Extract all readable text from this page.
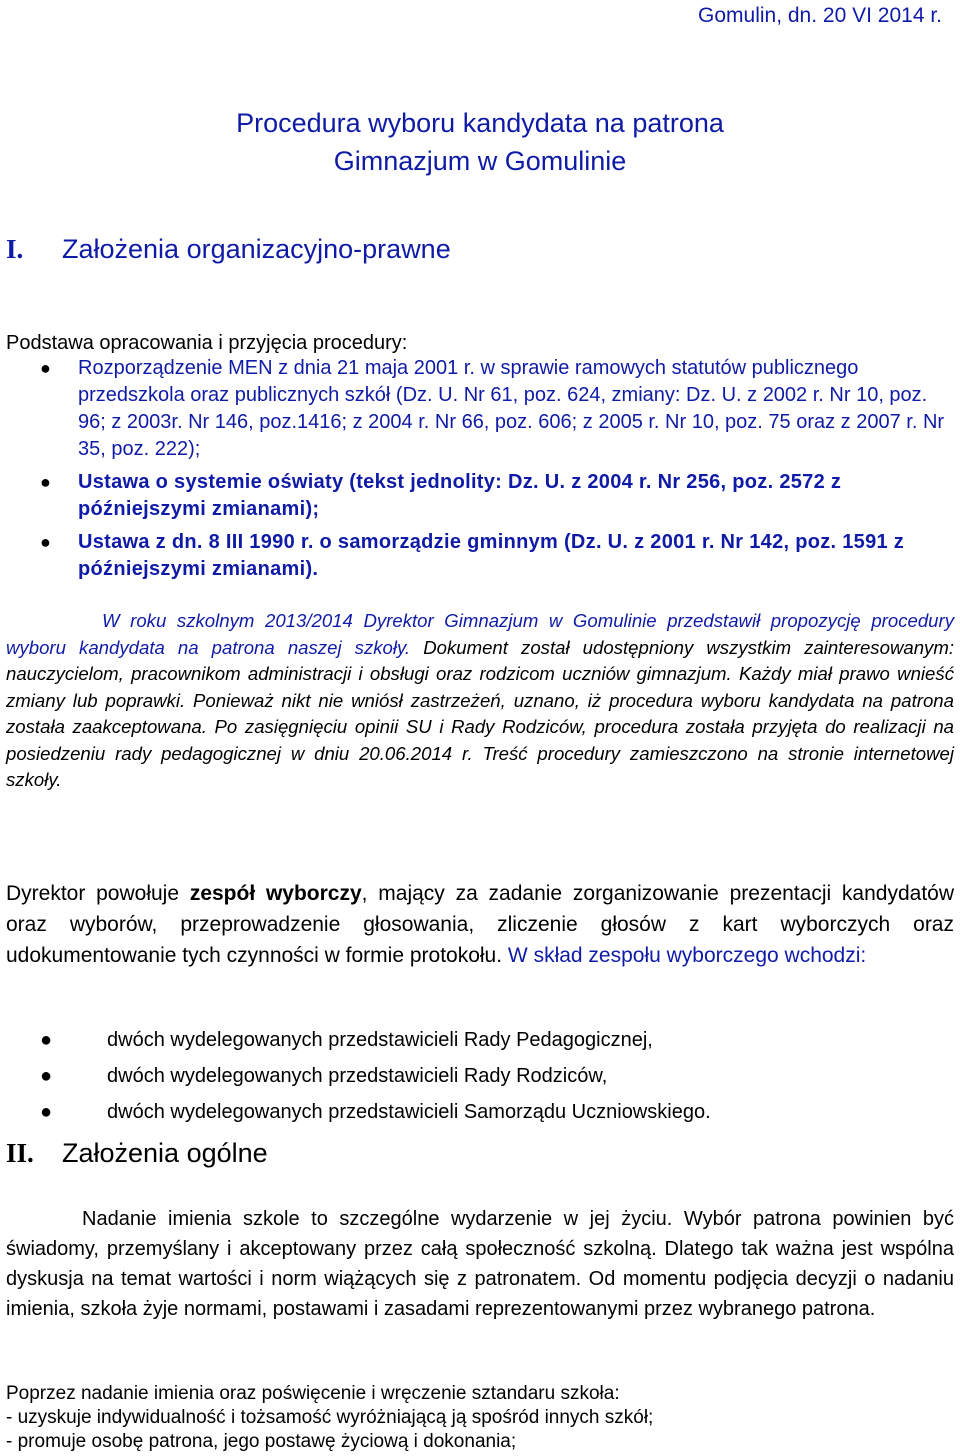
Gomulin, dn. 20 VI 2014 r.
Procedura wyboru kandydata na patrona
Gimnazjum w Gomulinie
I. Założenia organizacyjno-prawne
Podstawa opracowania i przyjęcia procedury:
● Rozporządzenie MEN z dnia 21 maja 2001 r. w sprawie ramowych statutów publicznego przedszkola oraz publicznych szkół (Dz. U. Nr 61, poz. 624, zmiany: Dz. U. z 2002 r. Nr 10, poz. 96; z 2003r. Nr 146, poz.1416; z 2004 r. Nr 66, poz. 606; z 2005 r. Nr 10, poz. 75 oraz z 2007 r. Nr 35, poz. 222);
● Ustawa o systemie oświaty (tekst jednolity: Dz. U. z 2004 r. Nr 256, poz. 2572 z późniejszymi zmianami);
● Ustawa z dn. 8 III 1990 r. o samorządzie gminnym (Dz. U. z 2001 r. Nr 142, poz. 1591 z późniejszymi zmianami).
W roku szkolnym 2013/2014 Dyrektor Gimnazjum w Gomulinie przedstawił propozycję procedury wyboru kandydata na patrona naszej szkoły. Dokument został udostępniony wszystkim zainteresowanym: nauczycielom, pracownikom administracji i obsługi oraz rodzicom uczniów gimnazjum. Każdy miał prawo wnieść zmiany lub poprawki. Ponieważ nikt nie wniósł zastrzeżeń, uznano, iż procedura wyboru kandydata na patrona została zaakceptowana. Po zasięgnięciu opinii SU i Rady Rodziców, procedura została przyjęta do realizacji na posiedzeniu rady pedagogicznej w dniu 20.06.2014 r. Treść procedury zamieszczono na stronie internetowej szkoły.
Dyrektor powołuje zespół wyborczy, mający za zadanie zorganizowanie prezentacji kandydatów oraz wyborów, przeprowadzenie głosowania, zliczenie głosów z kart wyborczych oraz udokumentowanie tych czynności w formie protokołu. W skład zespołu wyborczego wchodzi:
●	dwóch wydelegowanych przedstawicieli Rady Pedagogicznej,
●	dwóch wydelegowanych przedstawicieli Rady Rodziców,
●	dwóch wydelegowanych przedstawicieli Samorządu Uczniowskiego.
II. Założenia ogólne
Nadanie imienia szkole to szczególne wydarzenie w jej życiu. Wybór patrona powinien być świadomy, przemyślany i akceptowany przez całą społeczność szkolną. Dlatego tak ważna jest wspólna dyskusja na temat wartości i norm wiążących się z patronatem. Od momentu podjęcia decyzji o nadaniu imienia, szkoła żyje normami, postawami i zasadami reprezentowanymi przez wybranego patrona.
Poprzez nadanie imienia oraz poświęcenie i wręczenie sztandaru szkoła:
- uzyskuje indywidualność i tożsamość wyróżniającą ją spośród innych szkół;
- promuje osobę patrona, jego postawę życiową i dokonania;
